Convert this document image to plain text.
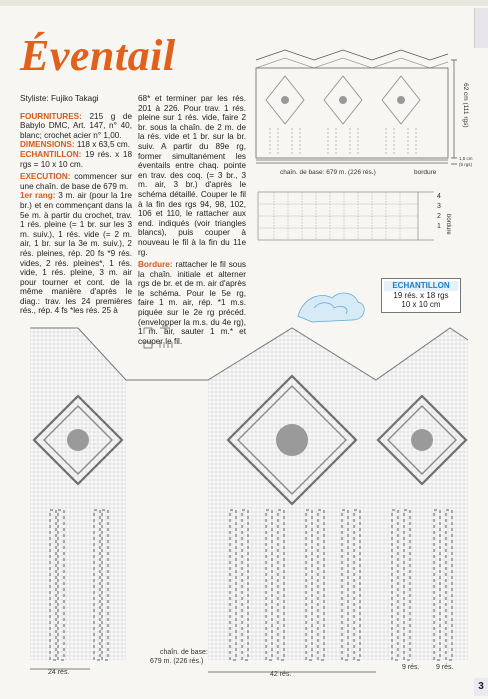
Éventail

Styliste: Fujiko Takagi

FOURNITURES: 215 g de Babylo DMC, Art. 147, n° 40, blanc; crochet acier n° 1,00.
DIMENSIONS: 118 x 63,5 cm.
ECHANTILLON: 19 rés. x 18 rgs = 10 x 10 cm.

EXECUTION: commencer sur une chaîn. de base de 679 m.
1er rang: 3 m. air (pour la 1re br.) et en commençant dans la 5e m. à partir du crochet, trav. 1 rés. pleine (= 1 br. sur les 3 m. suiv.), 1 rés. vide (= 2 m. air, 1 br. sur la 3e m. suiv.), 2 rés. pleines, rép. 20 fs *9 rés. vides, 2 rés. pleines*, 1 rés. vide, 1 rés. pleine, 3 m. air pour tourner et cont. de la même manière d'après le diag.: trav. les 24 premières rés., rép. 4 fs *les rés. 25 à

68* et terminer par les rés. 201 à 226. Pour trav. 1 rés. pleine sur 1 rés. vide, faire 2 br. sous la chaîn. de 2 m. de la rés. vide et 1 br. sur la br. suiv. A partir du 89e rg, former simultanément les éventails entre chaq. pointe en trav. des coq. (= 3 br., 3 m. air, 3 br.) d'après le schéma détaillé. Couper le fil à la fin des rgs 94, 98, 102, 106 et 110, le rattacher aux end. indiqués (voir triangles blancs), puis couper à nouveau le fil à la fin du 11e rg.

Bordure: rattacher le fil sous la chaîn. initiale et alterner rgs de br. et de m. air d'après le schéma. Pour le 5e rg, faire 1 m. air, rép. *1 m.s. piquée sur le 2e rg précéd. (envelopper la m.s. du 4e rg), 1 m. air, sauter 1 m.* et couper le fil.

62 cm (111 rgs)
1,5 cm
(5 rgs)
chaîn. de base: 679 m. (226 rés.)	bordure
4
3
2
1 bordure
ECHANTILLON
19 rés. x 18 rgs
10 x 10 cm
chaîn. de base:
679 m. (226 rés.)
24 rés.	42 rés.
9 rés. 9 rés.
3
